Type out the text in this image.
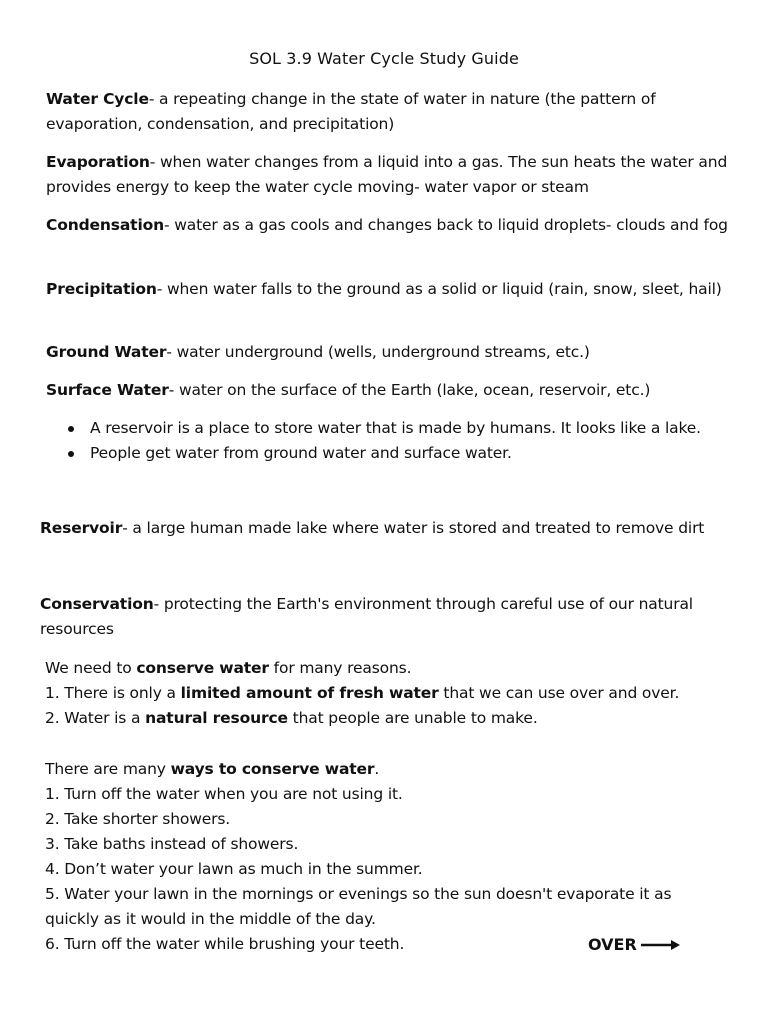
SOL 3.9 Water Cycle Study Guide
Water Cycle- a repeating change in the state of water in nature (the pattern of evaporation, condensation, and precipitation)
Evaporation- when water changes from a liquid into a gas. The sun heats the water and provides energy to keep the water cycle moving- water vapor or steam
Condensation- water as a gas cools and changes back to liquid droplets- clouds and fog
Precipitation- when water falls to the ground as a solid or liquid (rain, snow, sleet, hail)
Ground Water- water underground (wells, underground streams, etc.)
Surface Water- water on the surface of the Earth (lake, ocean, reservoir, etc.)
A reservoir is a place to store water that is made by humans. It looks like a lake.
People get water from ground water and surface water.
Reservoir- a large human made lake where water is stored and treated to remove dirt
Conservation- protecting the Earth's environment through careful use of our natural resources
We need to conserve water for many reasons.
1. There is only a limited amount of fresh water that we can use over and over.
2. Water is a natural resource that people are unable to make.
There are many ways to conserve water.
1. Turn off the water when you are not using it.
2. Take shorter showers.
3. Take baths instead of showers.
4. Don’t water your lawn as much in the summer.
5. Water your lawn in the mornings or evenings so the sun doesn't evaporate it as quickly as it would in the middle of the day.
6. Turn off the water while brushing your teeth.	OVER
